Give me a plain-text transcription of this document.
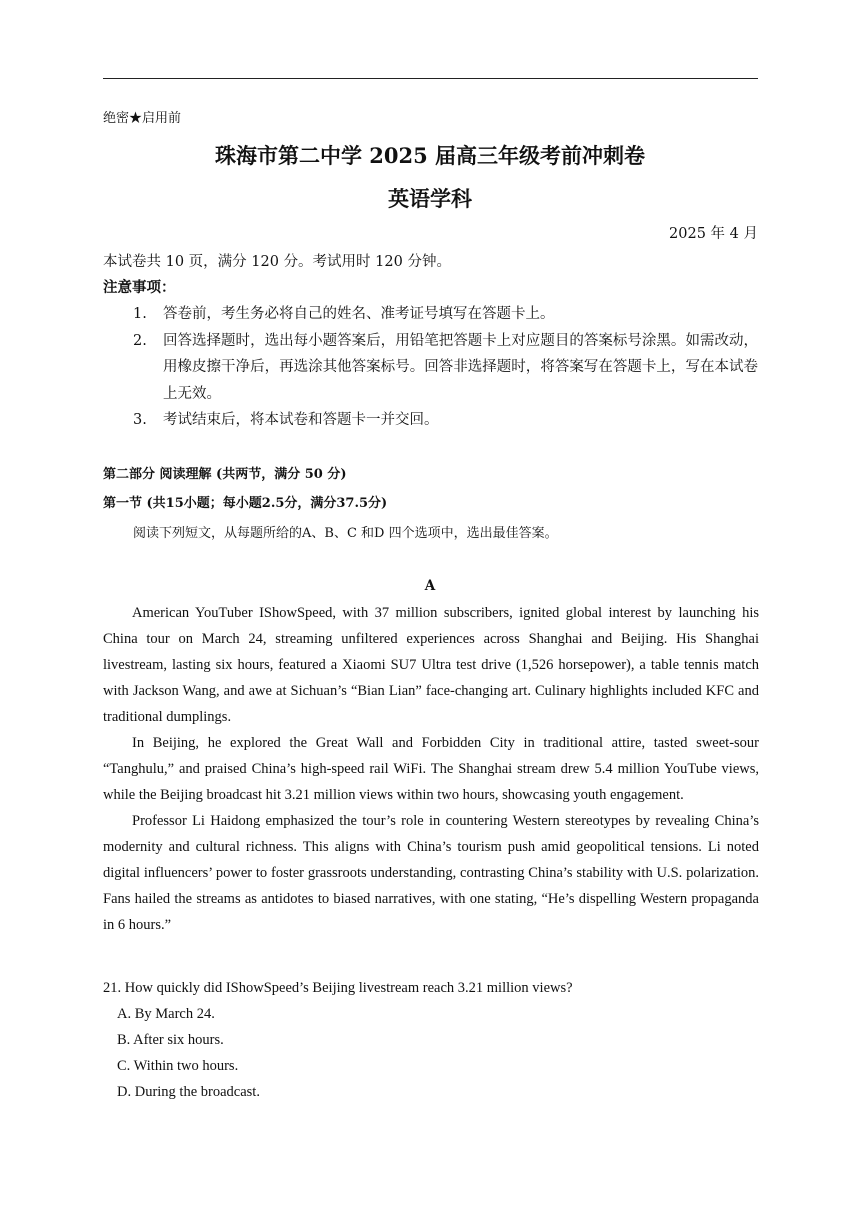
绝密★启用前
珠海市第二中学 2025 届高三年级考前冲刺卷
英语学科
2025 年 4 月
本试卷共 10 页，满分 120 分。考试用时 120 分钟。
注意事项：
1.	答卷前，考生务必将自己的姓名、准考证号填写在答题卡上。
2.	回答选择题时，选出每小题答案后，用铅笔把答题卡上对应题目的答案标号涂黑。如需改动，用橡皮擦干净后，再选涂其他答案标号。回答非选择题时，将答案写在答题卡上，写在本试卷上无效。
3.	考试结束后，将本试卷和答题卡一并交回。
第二部分 阅读理解 (共两节，满分 50 分)
第一节 (共15小题；每小题2.5分，满分37.5分)
阅读下列短文，从每题所给的A、B、C 和D 四个选项中，选出最佳答案。
A

American YouTuber IShowSpeed, with 37 million subscribers, ignited global interest by launching his China tour on March 24, streaming unfiltered experiences across Shanghai and Beijing. His Shanghai livestream, lasting six hours, featured a Xiaomi SU7 Ultra test drive (1,526 horsepower), a table tennis match with Jackson Wang, and awe at Sichuan’s “Bian Lian” face-changing art. Culinary highlights included KFC and traditional dumplings.

In Beijing, he explored the Great Wall and Forbidden City in traditional attire, tasted sweet-sour “Tanghulu,” and praised China’s high-speed rail WiFi. The Shanghai stream drew 5.4 million YouTube views, while the Beijing broadcast hit 3.21 million views within two hours, showcasing youth engagement.

Professor Li Haidong emphasized the tour’s role in countering Western stereotypes by revealing China’s modernity and cultural richness. This aligns with China’s tourism push amid geopolitical tensions. Li noted digital influencers’ power to foster grassroots understanding, contrasting China’s stability with U.S. polarization. Fans hailed the streams as antidotes to biased narratives, with one stating, “He’s dispelling Western propaganda in 6 hours.”

21. How quickly did IShowSpeed’s Beijing livestream reach 3.21 million views?
A. By March 24.
B. After six hours.
C. Within two hours.
D. During the broadcast.
